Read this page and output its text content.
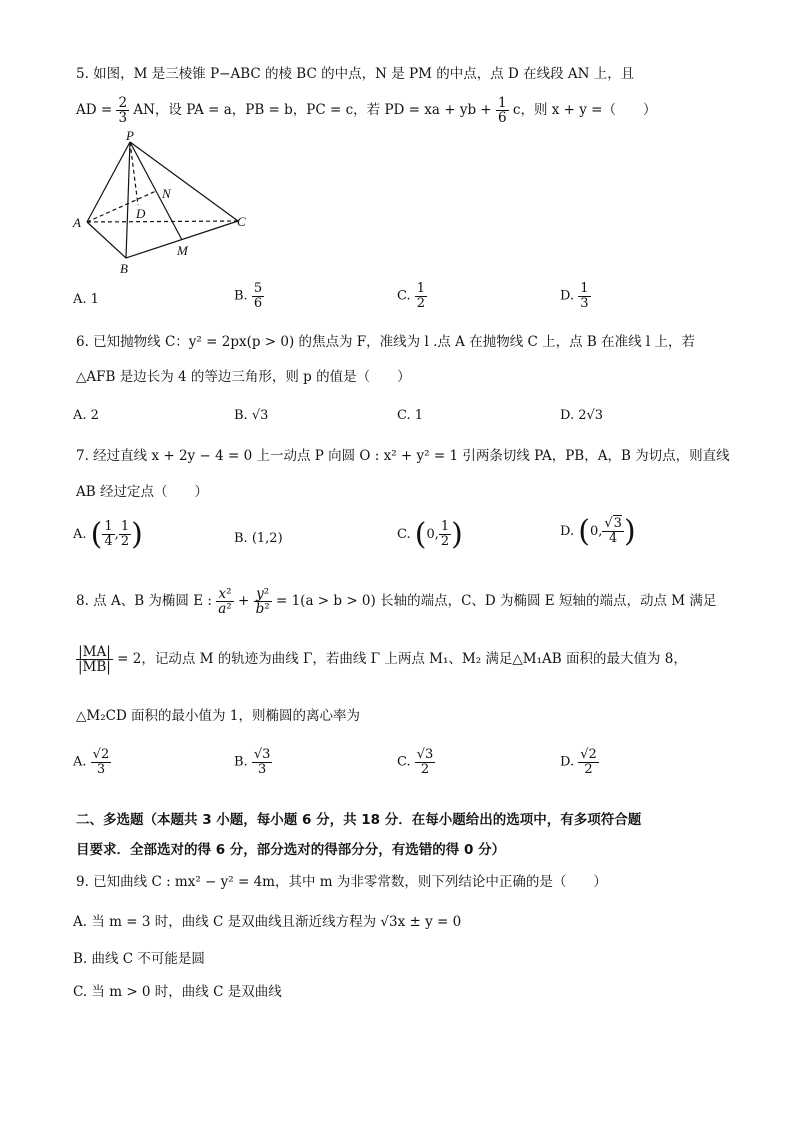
5. 如图，M 是三棱锥 P−ABC 的棱 BC 的中点，N 是 PM 的中点，点 D 在线段 AN 上，且
AD = $\frac{2}{3}$ AN，设 PA = a，PB = b，PC = c，若 PD = xa + yb + $\frac{1}{6}$ c，则 x + y =（　　）
P
N
D
A	C
M
B
A. 1	B. $\frac{5}{6}$	C. $\frac{1}{2}$	D. $\frac{1}{3}$
6. 已知抛物线 C：y² = 2px(p > 0) 的焦点为 F，准线为 l .点 A 在抛物线 C 上，点 B 在准线 l 上，若
△AFB 是边长为 4 的等边三角形，则 p 的值是（　　）
A. 2	B. √3	C. 1	D. 2√3
7. 经过直线 x + 2y − 4 = 0 上一动点 P 向圆 O : x² + y² = 1 引两条切线 PA，PB，A，B 为切点，则直线
AB 经过定点（　　）
A. ( $\frac{1}{4}$ , $\frac{1}{2}$ )	B. (1,2)	C. (0, $\frac{1}{2}$ )	D. (0, $\frac{√3}{4}$ )
8. 点 A、B 为椭圆 E : $\frac{\text{x²}}{\text{a²}} + \frac{\text{y²}}{\text{b²}} = 1(a > b > 0)$ 长轴的端点，C、D 为椭圆 E 短轴的端点，动点 M 满足
$\frac{|MA|}{|MB|} = 2$，记动点 M 的轨迹为曲线 Γ，若曲线 Γ 上两点 M₁、M₂ 满足△M₁AB 面积的最大值为 8，
△M₂CD 面积的最小值为 1，则椭圆的离心率为
A. $\frac{√2}{3}$	B. $\frac{√3}{3}$	C. $\frac{√3}{2}$	D. $\frac{√2}{2}$
二、多选题（本题共 3 小题，每小题 6 分，共 18 分．在每小题给出的选项中，有多项符合题
目要求．全部选对的得 6 分，部分选对的得部分分，有选错的得 0 分）
9. 已知曲线 C : mx² − y² = 4m，其中 m 为非零常数，则下列结论中正确的是（　　）
A. 当 m = 3 时，曲线 C 是双曲线且渐近线方程为 √3x ± y = 0
B. 曲线 C 不可能是圆
C. 当 m > 0 时，曲线 C 是双曲线
